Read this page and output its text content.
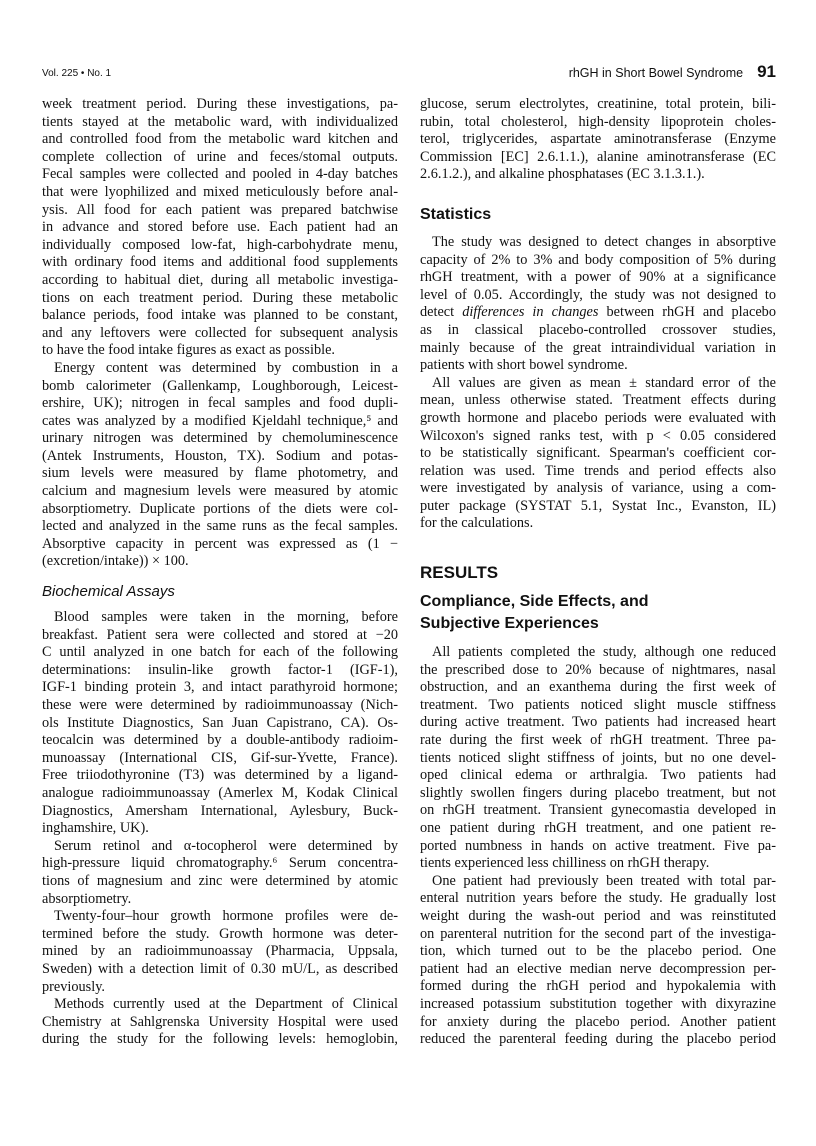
Vol. 225 • No. 1	rhGH in Short Bowel Syndrome 91
week treatment period. During these investigations, pa-
tients stayed at the metabolic ward, with individualized
and controlled food from the metabolic ward kitchen and
complete collection of urine and feces/stomal outputs.
Fecal samples were collected and pooled in 4-day batches
that were lyophilized and mixed meticulously before anal-
ysis. All food for each patient was prepared batchwise
in advance and stored before use. Each patient had an
individually composed low-fat, high-carbohydrate menu,
with ordinary food items and additional food supplements
according to habitual diet, during all metabolic investiga-
tions on each treatment period. During these metabolic
balance periods, food intake was planned to be constant,
and any leftovers were collected for subsequent analysis
to have the food intake figures as exact as possible.
Energy content was determined by combustion in a
bomb calorimeter (Gallenkamp, Loughborough, Leicest-
ershire, UK); nitrogen in fecal samples and food dupli-
cates was analyzed by a modified Kjeldahl technique,⁵ and
urinary nitrogen was determined by chemoluminescence
(Antek Instruments, Houston, TX). Sodium and potas-
sium levels were measured by flame photometry, and
calcium and magnesium levels were measured by atomic
absorptiometry. Duplicate portions of the diets were col-
lected and analyzed in the same runs as the fecal samples.
Absorptive capacity in percent was expressed as (1 −
(excretion/intake)) × 100.
Biochemical Assays
Blood samples were taken in the morning, before
breakfast. Patient sera were collected and stored at −20
C until analyzed in one batch for each of the following
determinations: insulin-like growth factor-1 (IGF-1),
IGF-1 binding protein 3, and intact parathyroid hormone;
these were were determined by radioimmunoassay (Nich-
ols Institute Diagnostics, San Juan Capistrano, CA). Os-
teocalcin was determined by a double-antibody radioim-
munoassay (International CIS, Gif-sur-Yvette, France).
Free triiodothyronine (T3) was determined by a ligand-
analogue radioimmunoassay (Amerlex M, Kodak Clinical
Diagnostics, Amersham International, Aylesbury, Buck-
inghamshire, UK).
Serum retinol and α-tocopherol were determined by
high-pressure liquid chromatography.⁶ Serum concentra-
tions of magnesium and zinc were determined by atomic
absorptiometry.
Twenty-four–hour growth hormone profiles were de-
termined before the study. Growth hormone was deter-
mined by an radioimmunoassay (Pharmacia, Uppsala,
Sweden) with a detection limit of 0.30 mU/L, as described
previously.
Methods currently used at the Department of Clinical
Chemistry at Sahlgrenska University Hospital were used
during the study for the following levels: hemoglobin,
glucose, serum electrolytes, creatinine, total protein, bili-
rubin, total cholesterol, high-density lipoprotein choles-
terol, triglycerides, aspartate aminotransferase (Enzyme
Commission [EC] 2.6.1.1.), alanine aminotransferase (EC
2.6.1.2.), and alkaline phosphatases (EC 3.1.3.1.).
Statistics
The study was designed to detect changes in absorptive
capacity of 2% to 3% and body composition of 5% during
rhGH treatment, with a power of 90% at a significance
level of 0.05. Accordingly, the study was not designed to
detect differences in changes between rhGH and placebo
as in classical placebo-controlled crossover studies,
mainly because of the great intraindividual variation in
patients with short bowel syndrome.
All values are given as mean ± standard error of the
mean, unless otherwise stated. Treatment effects during
growth hormone and placebo periods were evaluated with
Wilcoxon's signed ranks test, with p < 0.05 considered
to be statistically significant. Spearman's coefficient cor-
relation was used. Time trends and period effects also
were investigated by analysis of variance, using a com-
puter package (SYSTAT 5.1, Systat Inc., Evanston, IL)
for the calculations.
RESULTS
Compliance, Side Effects, and
Subjective Experiences
All patients completed the study, although one reduced
the prescribed dose to 20% because of nightmares, nasal
obstruction, and an exanthema during the first week of
treatment. Two patients noticed slight muscle stiffness
during active treatment. Two patients had increased heart
rate during the first week of rhGH treatment. Three pa-
tients noticed slight stiffness of joints, but no one devel-
oped clinical edema or arthralgia. Two patients had
slightly swollen fingers during placebo treatment, but not
on rhGH treatment. Transient gynecomastia developed in
one patient during rhGH treatment, and one patient re-
ported numbness in hands on active treatment. Five pa-
tients experienced less chilliness on rhGH therapy.
One patient had previously been treated with total par-
enteral nutrition years before the study. He gradually lost
weight during the wash-out period and was reinstituted
on parenteral nutrition for the second part of the investiga-
tion, which turned out to be the placebo period. One
patient had an elective median nerve decompression per-
formed during the rhGH period and hypokalemia with
increased potassium substitution together with dixyrazine
for anxiety during the placebo period. Another patient
reduced the parenteral feeding during the placebo period
